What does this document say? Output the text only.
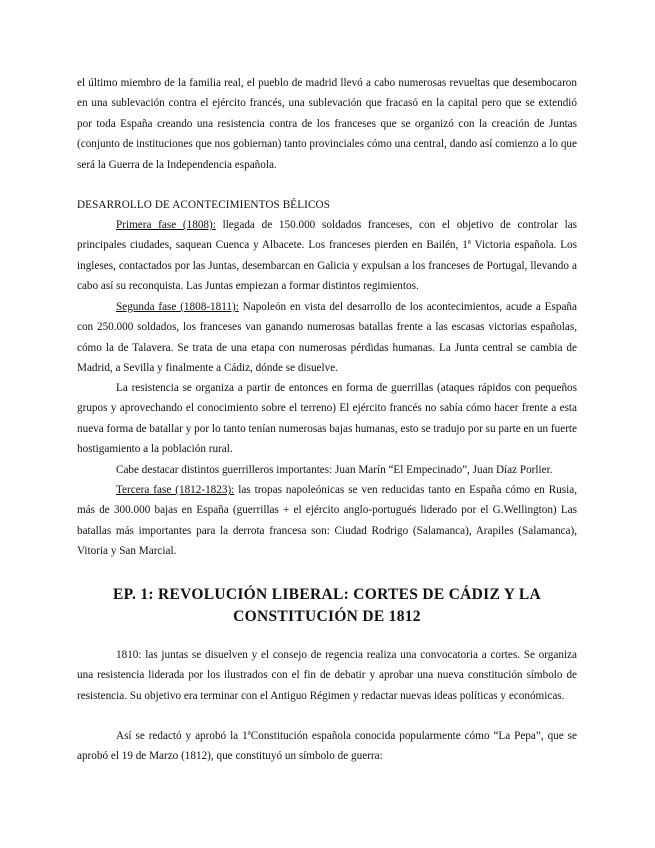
el último miembro de la familia real, el pueblo de madrid llevó a cabo numerosas revueltas que desembocaron en una sublevación contra el ejército francés, una sublevación que fracasó en la capital pero que se extendió por toda España creando una resistencia contra de los franceses que se organizó con la creación de Juntas (conjunto de instituciones que nos gobiernan) tanto provinciales cómo una central, dando así comienzo a lo que será la Guerra de la Independencia española.

DESARROLLO DE ACONTECIMIENTOS BÉLICOS

Primera fase (1808): llegada de 150.000 soldados franceses, con el objetivo de controlar las principales ciudades, saquean Cuenca y Albacete. Los franceses pierden en Bailén, 1ª Victoria española. Los ingleses, contactados por las Juntas, desembarcan en Galicia y expulsan a los franceses de Portugal, llevando a cabo así su reconquista. Las Juntas empiezan a formar distintos regimientos.

Segunda fase (1808-1811): Napoleón en vista del desarrollo de los acontecimientos, acude a España con 250.000 soldados, los franceses van ganando numerosas batallas frente a las escasas victorias españolas, cómo la de Talavera. Se trata de una etapa con numerosas pérdidas humanas. La Junta central se cambia de Madrid, a Sevilla y finalmente a Cádiz, dónde se disuelve.

La resistencia se organiza a partir de entonces en forma de guerrillas (ataques rápidos con pequeños grupos y aprovechando el conocimiento sobre el terreno) El ejército francés no sabía cómo hacer frente a esta nueva forma de batallar y por lo tanto tenían numerosas bajas humanas, esto se tradujo por su parte en un fuerte hostigamiento a la población rural.

Cabe destacar distintos guerrilleros importantes: Juan Marín “El Empecinado”, Juan Díaz Porlier.

Tercera fase (1812-1823): las tropas napoleónicas se ven reducidas tanto en España cómo en Rusia, más de 300.000 bajas en España (guerrillas + el ejército anglo-portugués liderado por el G.Wellington) Las batallas más importantes para la derrota francesa son: Ciudad Rodrigo (Salamanca), Arapiles (Salamanca), Vitoria y San Marcial.

EP. 1: REVOLUCIÓN LIBERAL: CORTES DE CÁDIZ Y LA
CONSTITUCIÓN DE 1812

1810: las juntas se disuelven y el consejo de regencia realiza una convocatoria a cortes. Se organiza una resistencia liderada por los ilustrados con el fin de debatir y aprobar una nueva constitución símbolo de resistencia. Su objetivo era terminar con el Antiguo Régimen y redactar nuevas ideas políticas y económicas.

Así se redactó y aprobó la 1ªConstitución española conocida popularmente cómo “La Pepa”, que se aprobó el 19 de Marzo (1812), que constituyó un símbolo de guerra:
